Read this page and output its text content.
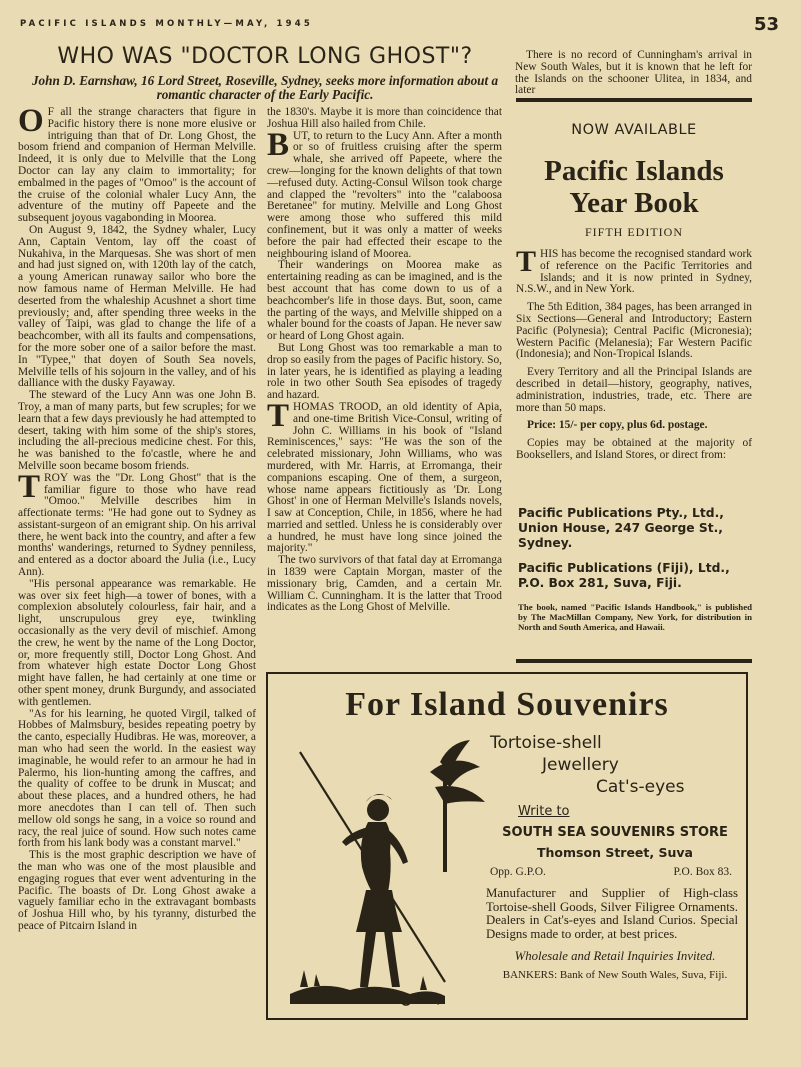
PACIFIC ISLANDS MONTHLY—MAY, 1945	53
WHO WAS "DOCTOR LONG GHOST"?
John D. Earnshaw, 16 Lord Street, Roseville, Sydney, seeks more information about a romantic character of the Early Pacific.

OF all the strange characters that figure in Pacific history there is none more elusive or intriguing than that of Dr. Long Ghost, the bosom friend and companion of Herman Melville. Indeed, it is only due to Melville that the Long Doctor can lay any claim to immortality; for embalmed in the pages of "Omoo" is the account of the cruise of the colonial whaler Lucy Ann, the adventure of the mutiny off Papeete and the subsequent joyous vagabonding in Moorea.

On August 9, 1842, the Sydney whaler, Lucy Ann, Captain Ventom, lay off the coast of Nukahiva, in the Marquesas. She was short of men and had just signed on, with 120th lay of the catch, a young American runaway sailor who bore the now famous name of Herman Melville. He had deserted from the whaleship Acushnet a short time previously; and, after spending three weeks in the valley of Taipi, was glad to change the life of a beachcomber, with all its faults and compensations, for the more sober one of a sailor before the mast. In "Typee," that doyen of South Sea novels, Melville tells of his sojourn in the valley, and of his dalliance with the dusky Fayaway.

The steward of the Lucy Ann was one John B. Troy, a man of many parts, but few scruples; for we learn that a few days previously he had attempted to desert, taking with him some of the ship's stores, including the all-precious medicine chest. For this, he was banished to the fo'castle, where he and Melville soon became bosom friends.

TROY was the "Dr. Long Ghost" that is the familiar figure to those who have read "Omoo." Melville describes him in affectionate terms: "He had gone out to Sydney as assistant-surgeon of an emigrant ship. On his arrival there, he went back into the country, and after a few months' wanderings, returned to Sydney penniless, and entered as a doctor aboard the Julia (i.e., Lucy Ann).

"His personal appearance was remarkable. He was over six feet high—a tower of bones, with a complexion absolutely colourless, fair hair, and a light, unscrupulous grey eye, twinkling occasionally as the very devil of mischief. Among the crew, he went by the name of the Long Doctor, or, more frequently still, Doctor Long Ghost. And from whatever high estate Doctor Long Ghost might have fallen, he had certainly at one time or other spent money, drunk Burgundy, and associated with gentlemen.

"As for his learning, he quoted Virgil, talked of Hobbes of Malmsbury, besides repeating poetry by the canto, especially Hudibras. He was, moreover, a man who had seen the world. In the easiest way imaginable, he would refer to an armour he had in Palermo, his lion-hunting among the caffres, and the quality of coffee to be drunk in Muscat; and about these places, and a hundred others, he had more anecdotes than I can tell of. Then such mellow old songs he sang, in a voice so round and racy, the real juice of sound. How such notes came forth from his lank body was a constant marvel."

This is the most graphic description we have of the man who was one of the most plausible and engaging rogues that ever went adventuring in the Pacific. The boasts of Dr. Long Ghost awake a vaguely familiar echo in the extravagant bombasts of Joshua Hill who, by his tyranny, disturbed the peace of Pitcairn Island in

the 1830's. Maybe it is more than coincidence that Joshua Hill also hailed from Chile.

BUT, to return to the Lucy Ann. After a month or so of fruitless cruising after the sperm whale, she arrived off Papeete, where the crew—longing for the known delights of that town—refused duty. Acting-Consul Wilson took charge and clapped the "revolters" into the "calaboosa Beretanee" for mutiny. Melville and Long Ghost were among those who suffered this mild confinement, but it was only a matter of weeks before the pair had effected their escape to the neighbouring island of Moorea.

Their wanderings on Moorea make as entertaining reading as can be imagined, and is the best account that has come down to us of a beachcomber's life in those days. But, soon, came the parting of the ways, and Melville shipped on a whaler bound for the coasts of Japan. He never saw or heard of Long Ghost again.

But Long Ghost was too remarkable a man to drop so easily from the pages of Pacific history. So, in later years, he is identified as playing a leading role in two other South Sea episodes of tragedy and hazard.

THOMAS TROOD, an old identity of Apia, and one-time British Vice-Consul, writing of John C. Williams in his book of "Island Reminiscences," says: "He was the son of the celebrated missionary, John Williams, who was murdered, with Mr. Harris, at Erromanga, their companions escaping. One of them, a surgeon, whose name appears fictitiously as 'Dr. Long Ghost' in one of Herman Melville's Islands novels, I saw at Conception, Chile, in 1856, where he had married and settled. Unless he is considerably over a hundred, he must have long since joined the majority."

The two survivors of that fatal day at Erromanga in 1839 were Captain Morgan, master of the missionary brig, Camden, and a certain Mr. William C. Cunningham. It is the latter that Trood indicates as the Long Ghost of Melville.

There is no record of Cunningham's arrival in New South Wales, but it is known that he left for the Islands on the schooner Ulitea, in 1834, and later

NOW AVAILABLE
Pacific Islands Year Book
FIFTH EDITION

THIS has become the recognised standard work of reference on the Pacific Territories and Islands; and it is now printed in Sydney, N.S.W., and in New York.

The 5th Edition, 384 pages, has been arranged in Six Sections—General and Introductory; Eastern Pacific (Polynesia); Central Pacific (Micronesia); Western Pacific (Melanesia); Far Western Pacific (Indonesia); and Non-Tropical Islands.

Every Territory and all the Principal Islands are described in detail—history, geography, natives, administration, industries, trade, etc. There are more than 50 maps.

Price: 15/- per copy, plus 6d. postage.

Copies may be obtained at the majority of Booksellers, and Island Stores, or direct from:

Pacific Publications Pty., Ltd., Union House, 247 George St., Sydney.
Pacific Publications (Fiji), Ltd., P.O. Box 281, Suva, Fiji.
The book, named "Pacific Islands Handbook," is published by The MacMillan Company, New York, for distribution in North and South America, and Hawaii.
For Island Souvenirs
Okusey
Tortoise-shell
Jewellery
Cat's-eyes
Write to
SOUTH SEA SOUVENIRS STORE
Thomson Street, Suva
Opp. G.P.O.	P.O. Box 83.
Manufacturer and Supplier of High-class Tortoise-shell Goods, Silver Filigree Ornaments. Dealers in Cat's-eyes and Island Curios. Special Designs made to order, at best prices.
Wholesale and Retail Inquiries Invited.
BANKERS: Bank of New South Wales, Suva, Fiji.
